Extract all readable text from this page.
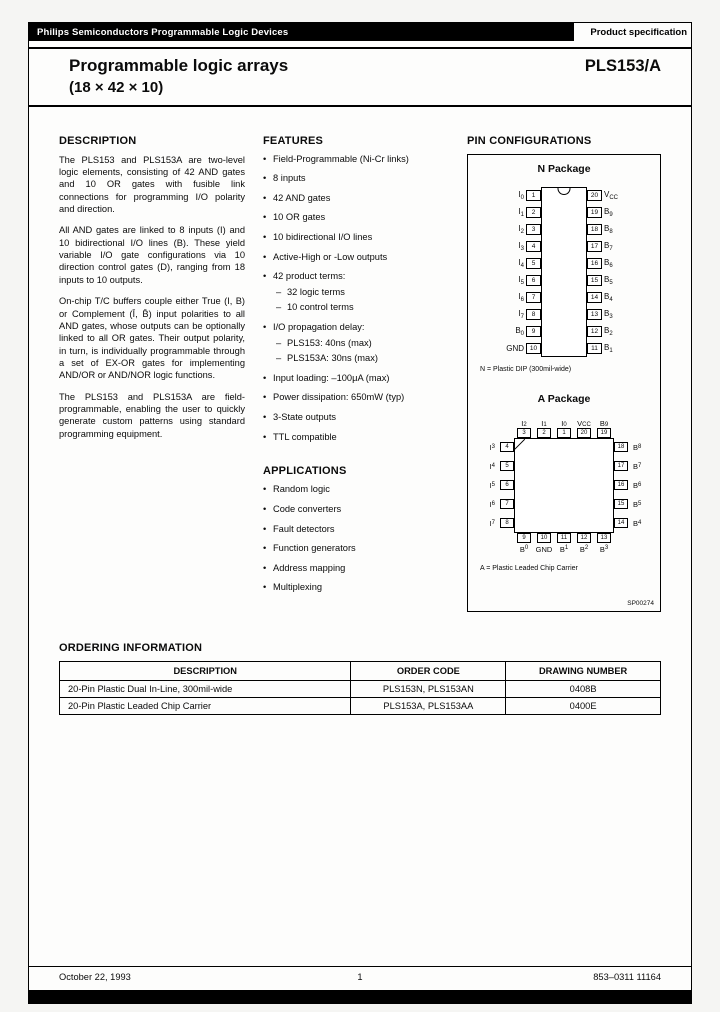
Philips Semiconductors Programmable Logic Devices	Product specification
Programmable logic arrays
(18 × 42 × 10)
PLS153/A
DESCRIPTION

The PLS153 and PLS153A are two-level logic elements, consisting of 42 AND gates and 10 OR gates with fusible link connections for programming I/O polarity and direction.

All AND gates are linked to 8 inputs (I) and 10 bidirectional I/O lines (B). These yield variable I/O gate configurations via 10 direction control gates (D), ranging from 18 inputs to 10 outputs.

On-chip T/C buffers couple either True (I, B) or Complement (Ī, B̄) input polarities to all AND gates, whose outputs can be optionally linked to all OR gates. Their output polarity, in turn, is individually programmable through a set of EX-OR gates for implementing AND/OR or AND/NOR logic functions.

The PLS153 and PLS153A are field-programmable, enabling the user to quickly generate custom patterns using standard programming equipment.

FEATURES
• Field-Programmable (Ni-Cr links)
• 8 inputs
• 42 AND gates
• 10 OR gates
• 10 bidirectional I/O lines
• Active-High or -Low outputs
• 42 product terms:
– 32 logic terms
– 10 control terms
• I/O propagation delay:
– PLS153: 40ns (max)
– PLS153A: 30ns (max)
• Input loading: –100μA (max)
• Power dissipation: 650mW (typ)
• 3-State outputs
• TTL compatible
APPLICATIONS
• Random logic
• Code converters
• Fault detectors
• Function generators
• Address mapping
• Multiplexing
PIN CONFIGURATIONS
N Package
$I_0$	1	20 $V_{CC}$
$I_1$	2	19 $B_9$
$I_2$	3	18 $B_8$
$I_3$	4	17 $B_7$
$I_4$	5	16 $B_6$
$I_5$	6	15 $B_5$
$I_6$	7	14 $B_4$
$I_7$	8	13 $B_3$
$B_0$	9	12 $B_2$
GND 10	11 $B_1$
N = Plastic DIP (300mil-wide)
A Package
I 2	I 1	I 0	V CC	B 9
3	2	1	20	19
I 3
I 4
I 5
I 6
I 7
4
5
6
7
8
18
17
16
15
14
B 8
B 7
B 6
B 5
B 4
9	10	11	12	13
B 0 GND B 1	B 2	B 3
A = Plastic Leaded Chip Carrier
SP00274
ORDERING INFORMATION
DESCRIPTION	ORDER CODE	DRAWING NUMBER
20-Pin Plastic Dual In-Line, 300mil-wide	PLS153N, PLS153AN	0408B
20-Pin Plastic Leaded Chip Carrier	PLS153A, PLS153AA	0400E
October 22, 1993	1	853–0311 11164
